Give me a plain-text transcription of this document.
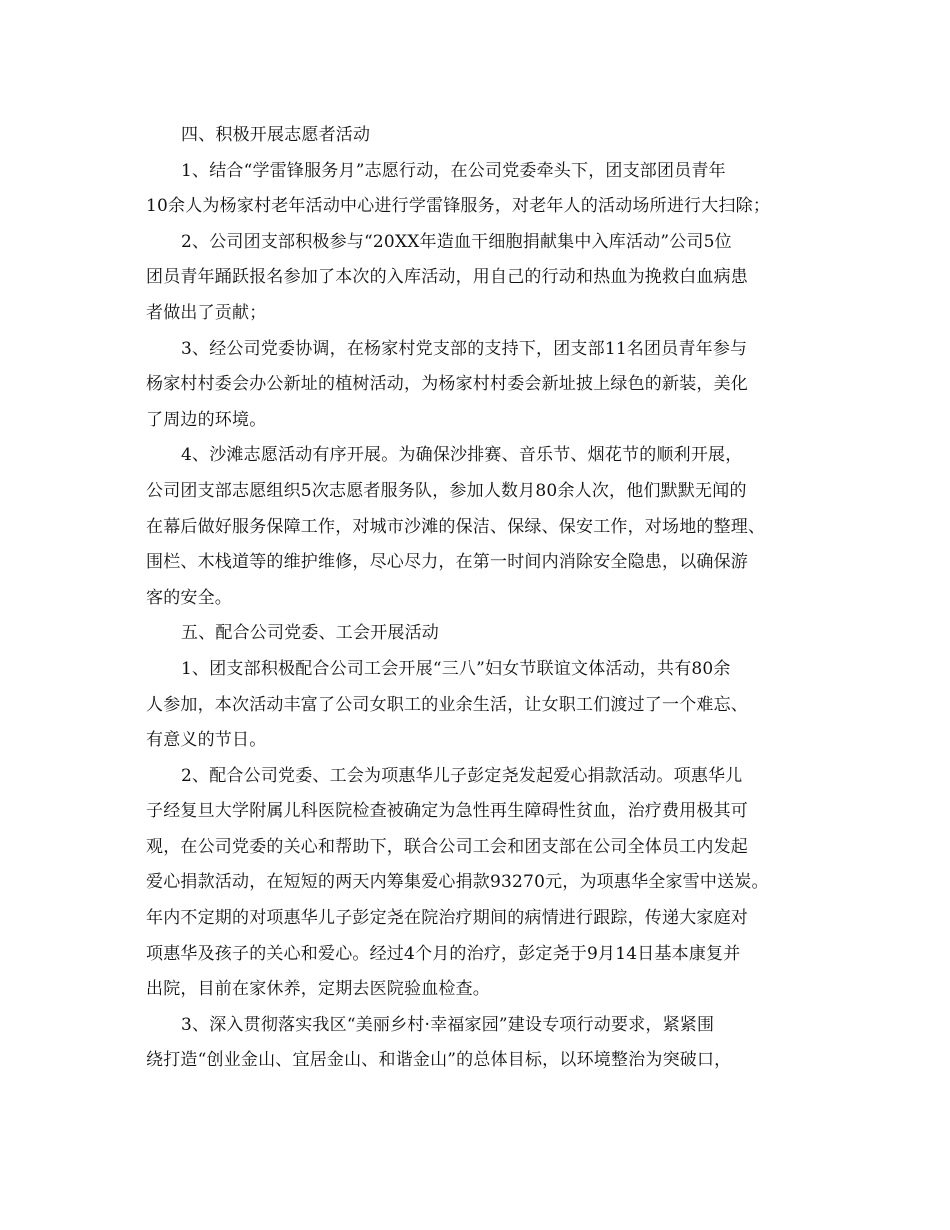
四、积极开展志愿者活动
1、结合“学雷锋服务月”志愿行动，在公司党委牵头下，团支部团员青年
10余人为杨家村老年活动中心进行学雷锋服务，对老年人的活动场所进行大扫除；
2、公司团支部积极参与“20XX年造血干细胞捐献集中入库活动”公司5位
团员青年踊跃报名参加了本次的入库活动，用自己的行动和热血为挽救白血病患
者做出了贡献；
3、经公司党委协调，在杨家村党支部的支持下，团支部11名团员青年参与
杨家村村委会办公新址的植树活动，为杨家村村委会新址披上绿色的新装，美化
了周边的环境。
4、沙滩志愿活动有序开展。为确保沙排赛、音乐节、烟花节的顺利开展，
公司团支部志愿组织5次志愿者服务队，参加人数月80余人次，他们默默无闻的
在幕后做好服务保障工作，对城市沙滩的保洁、保绿、保安工作，对场地的整理、
围栏、木栈道等的维护维修，尽心尽力，在第一时间内消除安全隐患，以确保游
客的安全。
五、配合公司党委、工会开展活动
1、团支部积极配合公司工会开展“三八”妇女节联谊文体活动，共有80余
人参加，本次活动丰富了公司女职工的业余生活，让女职工们渡过了一个难忘、
有意义的节日。
2、配合公司党委、工会为项惠华儿子彭定尧发起爱心捐款活动。项惠华儿
子经复旦大学附属儿科医院检查被确定为急性再生障碍性贫血，治疗费用极其可
观，在公司党委的关心和帮助下，联合公司工会和团支部在公司全体员工内发起
爱心捐款活动，在短短的两天内筹集爱心捐款93270元，为项惠华全家雪中送炭。
年内不定期的对项惠华儿子彭定尧在院治疗期间的病情进行跟踪，传递大家庭对
项惠华及孩子的关心和爱心。经过4个月的治疗，彭定尧于9月14日基本康复并
出院，目前在家休养，定期去医院验血检查。
3、深入贯彻落实我区“美丽乡村·幸福家园”建设专项行动要求，紧紧围
绕打造“创业金山、宜居金山、和谐金山”的总体目标，以环境整治为突破口，
